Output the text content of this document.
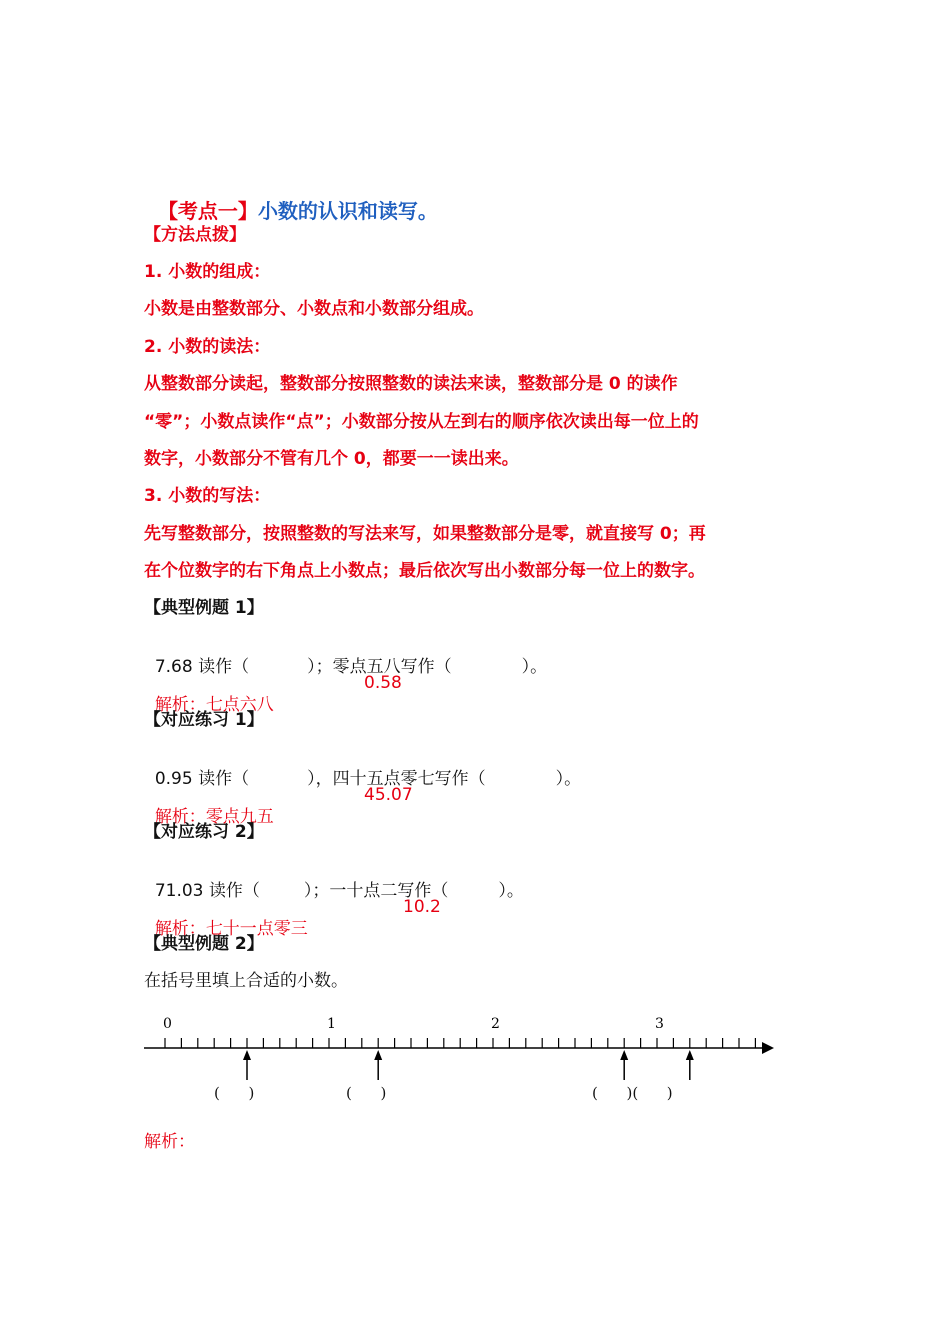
【考点一】小数的认识和读写。

【方法点拨】
1. 小数的组成：
小数是由整数部分、小数点和小数部分组成。
2. 小数的读法：
从整数部分读起，整数部分按照整数的读法来读，整数部分是 0 的读作
“零”；小数点读作“点”；小数部分按从左到右的顺序依次读出每一位上的
数字，小数部分不管有几个 0，都要一一读出来。
3. 小数的写法：
先写整数部分，按照整数的写法来写，如果整数部分是零，就直接写 0；再
在个位数字的右下角点上小数点；最后依次写出小数部分每一位上的数字。
【典型例题 1】

7.68 读作（	）；零点五八写作（	）。

解析：七点六八

0.58
【对应练习 1】

0.95 读作（	），四十五点零七写作（	）。

解析：零点九五

45.07
【对应练习 2】

71.03 读作（	）；一十点二写作（	）。

解析：七十一点零三

10.2
【典型例题 2】
在括号里填上合适的小数。
0	1	2	3
(      )	(      )	(      )(      )
解析：
